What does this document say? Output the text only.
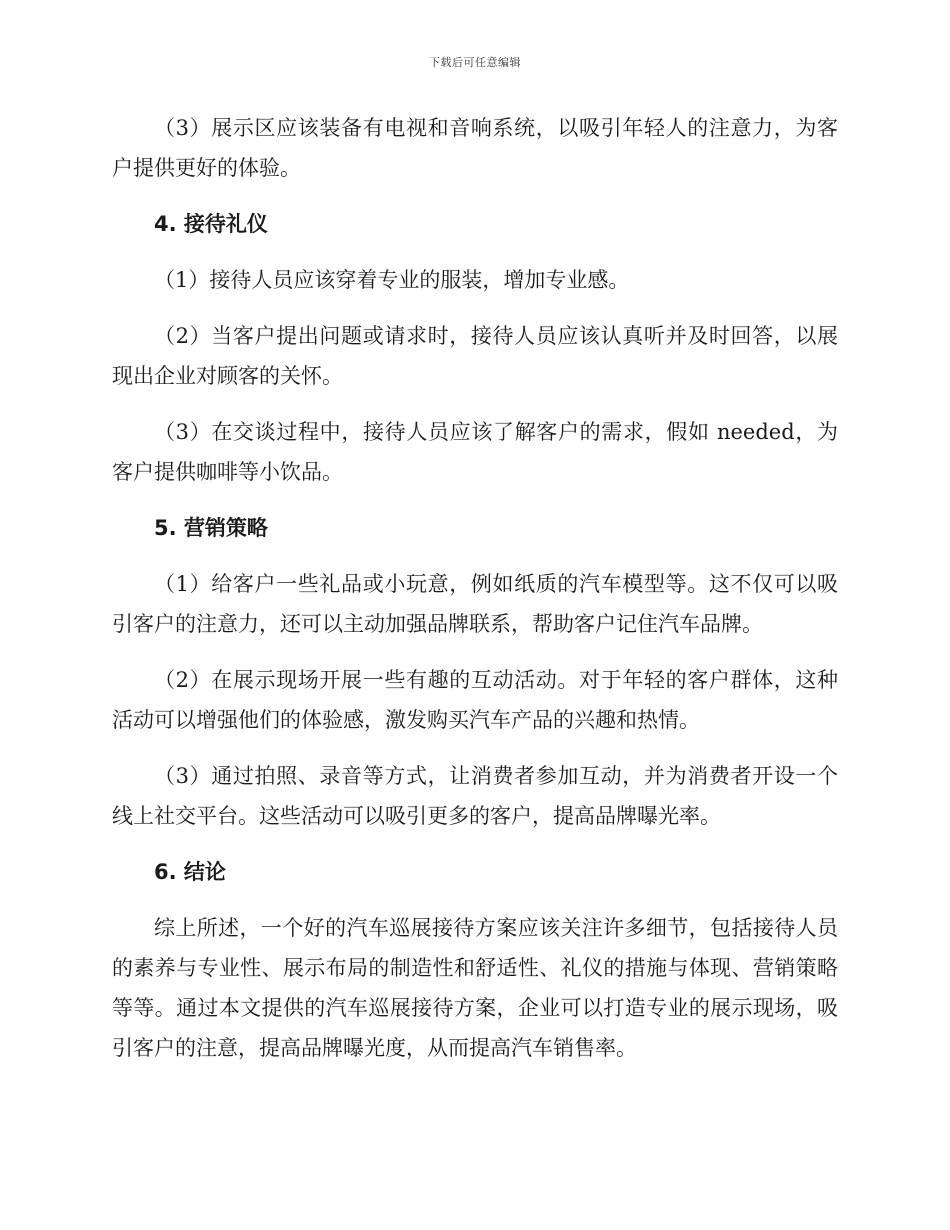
下载后可任意编辑

（3）展示区应该装备有电视和音响系统，以吸引年轻人的注意力，为客户提供更好的体验。

4. 接待礼仪

（1）接待人员应该穿着专业的服装，增加专业感。

（2）当客户提出问题或请求时，接待人员应该认真听并及时回答，以展现出企业对顾客的关怀。

（3）在交谈过程中，接待人员应该了解客户的需求，假如 needed，为客户提供咖啡等小饮品。

5. 营销策略

（1）给客户一些礼品或小玩意，例如纸质的汽车模型等。这不仅可以吸引客户的注意力，还可以主动加强品牌联系，帮助客户记住汽车品牌。

（2）在展示现场开展一些有趣的互动活动。对于年轻的客户群体，这种活动可以增强他们的体验感，激发购买汽车产品的兴趣和热情。

（3）通过拍照、录音等方式，让消费者参加互动，并为消费者开设一个线上社交平台。这些活动可以吸引更多的客户，提高品牌曝光率。

6. 结论

综上所述，一个好的汽车巡展接待方案应该关注许多细节，包括接待人员的素养与专业性、展示布局的制造性和舒适性、礼仪的措施与体现、营销策略等等。通过本文提供的汽车巡展接待方案，企业可以打造专业的展示现场，吸引客户的注意，提高品牌曝光度，从而提高汽车销售率。
